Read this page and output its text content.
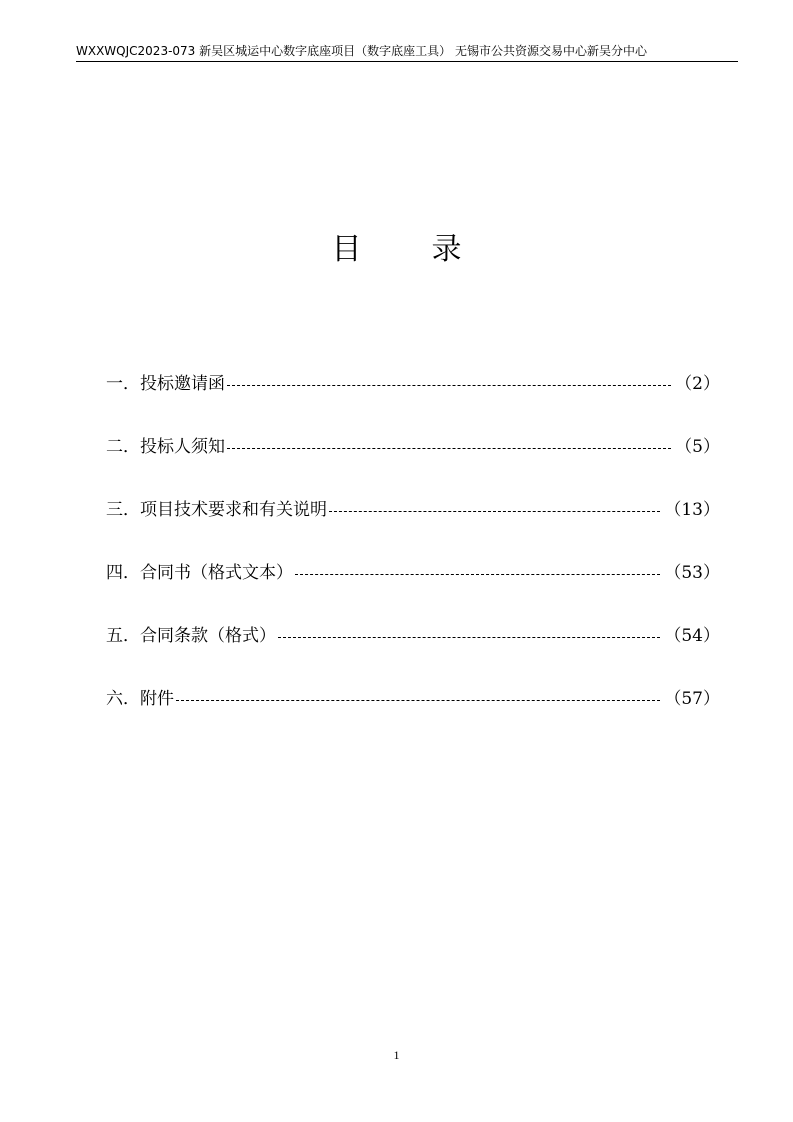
WXXWQJC2023-073 新吴区城运中心数字底座项目（数字底座工具） 无锡市公共资源交易中心新吴分中心
目录
一． 投标邀请函	（2）
二． 投标人须知	（5）
三． 项目技术要求和有关说明	（13）
四． 合同书（格式文本）	（53）
五． 合同条款（格式）	（54）
六． 附件	（57）
1
